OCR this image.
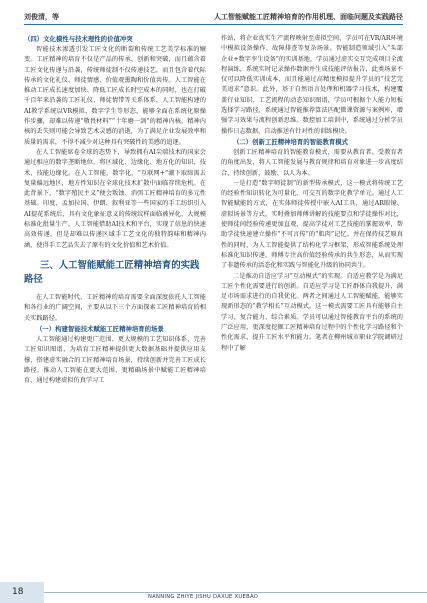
刘俊清，等	人工智能赋能工匠精神培育的作用机理、面临问题及实践路径
（四）文化模性与技术理性的价值冲突

智能技术渗透引发工匠文化的断裂和传统工艺美学标准的嬗变。工匠精神的培育不仅是产品的传承、创新和突破，而且蕴含着工匠文化传递与沿袭，传统师徒制不仅传递技艺，而且包含着代际传承的文化礼仪、师徒情感、价值观熏陶和价值共传。人工智能在推动工匠成长速度加快、降低工匠成长时空成本的同时，也在打破千百年来沿袭的工匠礼仪、师徒情带等关系体系，人工智能构建的AI教学系统以VR模拟、数字学生等形态，能够全面在系统化原操作步骤，却难以传递“敬畏材料”“十年磨一剑”的精神内核。精神内核的丢失则可能会导致艺术灵感的消逝，为了满足企业发展效率和质量的需求，不得不减少对这种具有突破性的美感的追逐。

在人工智能席卷全球的态势下，导致拥有AI尖端技术的国家会通过相应的数字垄断地位，将区域化、边缘化、地方化的知识、技术、技能边缘化。在人工智能、数字化、“互联网+”潮下取缔需去复量偏远地区，地方性知识在全球化技术扩散中面临存续危机。在此背景下，“数字殖民主义”便会叛蚀、消弭工匠精神培育的多元性基础。印度、孟加拉国、伊朗、叙利亚等一些国家的手工纺织引入AI提花系统后，具有文化象征意义的传统纹样面临被异化、大规模标准化批量生产。人工智能借助AI技术和平台，实现了信息的快速高效传递，但是却难以传递区域手工艺文化的独特韵味和精神内涵，使得手工艺品失去了原有的文化价值和艺术价值。

三、人工智能赋能工匠精神培育的实践
路径

在人工智能时代，工匠精神的培育需要全面深度依托人工智能和各行业的广阔空间，主要从以下三个方面探索工匠精神培育的相关实践路径。

（一）构建智能技术赋能工匠精神培育的场景

人工智能通过构建更广范围、更大规模的工艺知识体系，完善工匠知识图谱，为培育工匠精神提供更大数据基础并提供应用支撑，搭建虚实融合的工匠精神培育场景，持续创新并完善工匠成长路径。推动人工智能在更大范围、更精确场景中赋能工匠精神培育，通过构建虚拟仿真学习工

作站，将企业真实生产流程映射至虚拟空间，学员可在VR/AR环境中模拟设备操作、故障排查等复杂场景。智能制造领域引入“头部企业+数字孪生设备”的实训基地，学员通过虚实交互完成项目全流程演练，系统实时记录操作数据并生成技能评估报告，此类场景不仅可以降低实训成本，而且能通过高精度模拟提升学员的“技艺完美追求”意识。此外，基于自然语言处理和机器学习技术，构建覆盖行业知识、工艺流程的动态知识图谱，学员可根据个人能力短板选择学习路径，系统通过智能推荐算法匹配微课资源与案例库，增强学习效果与流程创新思维。数控加工培训中，系统通过分析学员操作日志数据，自动推送有针对性的训练模块。

（二）创新工匠精神培育的智能教育模式

创新工匠精神培育的智能教育模式，需要从教育者、受教育者的角度出发，将人工智能发展与教育规律和培育对象进一步高度结合，持续创新、鼓励、以人为本。

一是打造“数字师徒制”的新型传承模式，这一模式将传统工艺的经验性知识转化为可量化、可交互的数字化教学单元。通过人工智能赋能的方式，在实体师徒传授中嵌入AI工具，通过AR眼镜、虚拟场景等方式，实时叠加师傅讲解的技能要点和学徒操作对比，使师徒间经验传递更加直观，提高学徒对工艺技能的掌握效率，帮助学徒快速建立操作“不可言传”的“肌肉”记忆。并在保持技艺原真性的同时，为人工智能提供了结构化学习框架，形成智能系统处理标准化知识传递，师傅专注高价值经验传承的共生形态，从而实现了非遗传承的活态化和实践与智能化升级的协同共生。

二是推动自适应学习“互动模式”的实现。自适应教学是为满足工匠个性化需要进行的创新。自适应学习是工匠群体自我提升，满足市场需求进行的自我优化。两者之间通过人工智能赋能，能够实现新形态的“教学相长”互动模式。这一模式需要工匠具有能够自主学习、复合能力、综合素质。学员可以通过智能教育平台的系统的广泛应用，更深度挖掘工匠精神培育过程中的个性化学习路径和个性化需求，提升工匠水平和能力。笔者在柳州城市职业学院调研过程中了解

18	NANNING ZHIYE JISHU DAXUE XUEBAO
